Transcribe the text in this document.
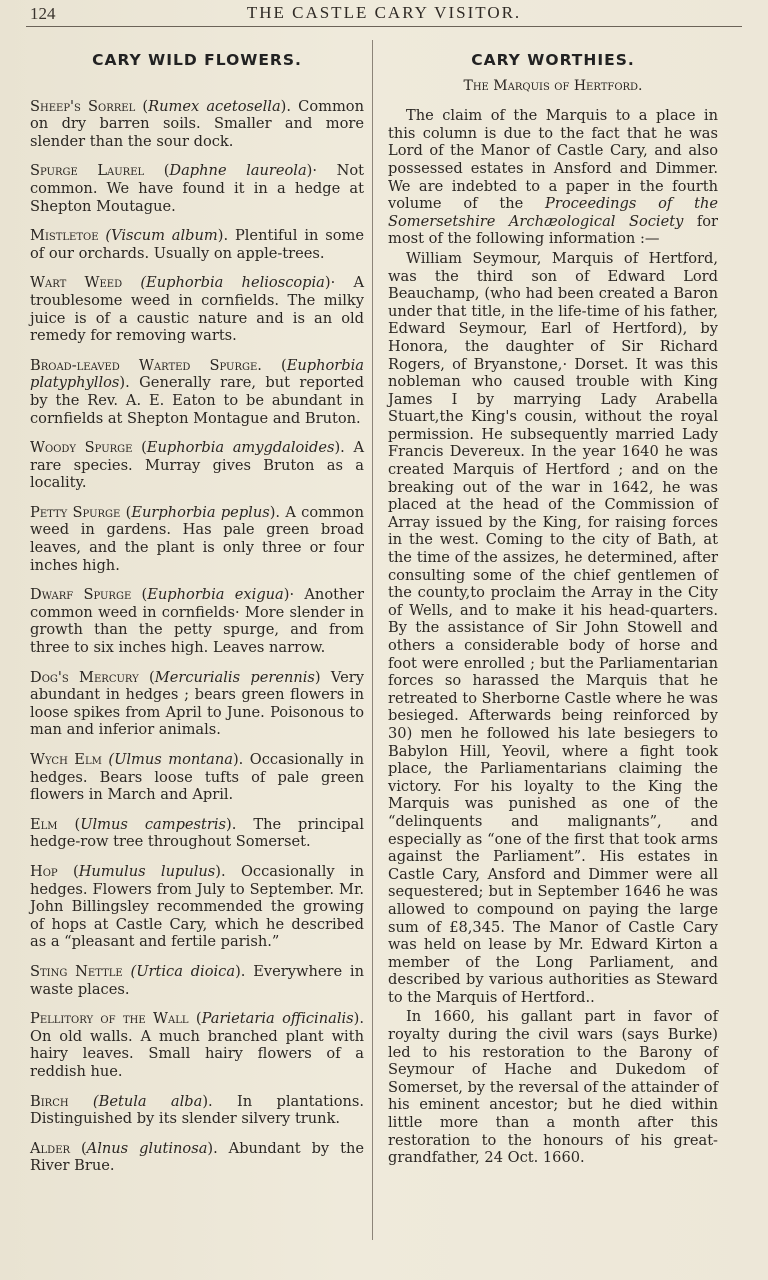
124	THE CASTLE CARY VISITOR.
CARY WILD FLOWERS.

Sheep's Sorrel (Rumex acetosella). Common on dry barren soils. Smaller and more slender than the sour dock.

Spurge Laurel (Daphne laureola)· Not common. We have found it in a hedge at Shepton Moutague.

Mistletoe (Viscum album). Plentiful in some of our orchards. Usually on apple-trees.

Wart Weed (Euphorbia helioscopia)· A troublesome weed in cornfields. The milky juice is of a caustic nature and is an old remedy for removing warts.

Broad-leaved Warted Spurge. (Euphorbia platyphyllos). Generally rare, but reported by the Rev. A. E. Eaton to be abundant in cornfields at Shepton Montague and Bruton.

Woody Spurge (Euphorbia amygdaloides). A rare species. Murray gives Bruton as a locality.

Petty Spurge (Eurphorbia peplus). A common weed in gardens. Has pale green broad leaves, and the plant is only three or four inches high.

Dwarf Spurge (Euphorbia exigua)· Another common weed in cornfields· More slender in growth than the petty spurge, and from three to six inches high. Leaves narrow.

Dog's Mercury (Mercurialis perennis) Very abundant in hedges ; bears green flowers in loose spikes from April to June. Poisonous to man and inferior animals.

Wych Elm (Ulmus montana). Occasionally in hedges. Bears loose tufts of pale green flowers in March and April.

Elm (Ulmus campestris). The principal hedge-row tree throughout Somerset.

Hop (Humulus lupulus). Occasionally in hedges. Flowers from July to September. Mr. John Billingsley recommended the growing of hops at Castle Cary, which he described as a “pleasant and fertile parish.”

Sting Nettle (Urtica dioica). Everywhere in waste places.

Pellitory of the Wall (Parietaria officinalis). On old walls. A much branched plant with hairy leaves. Small hairy flowers of a reddish hue.

Birch (Betula alba). In plantations. Distinguished by its slender silvery trunk.

Alder (Alnus glutinosa). Abundant by the River Brue.

CARY WORTHIES.
The Marquis of Hertford.

The claim of the Marquis to a place in this column is due to the fact that he was Lord of the Manor of Castle Cary, and also possessed estates in Ansford and Dimmer. We are indebted to a paper in the fourth volume of the Proceedings of the Somersetshire Archæological Society for most of the following information :—

William Seymour, Marquis of Hertford, was the third son of Edward Lord Beauchamp, (who had been created a Baron under that title, in the life-time of his father, Edward Seymour, Earl of Hertford), by Honora, the daughter of Sir Richard Rogers, of Bryanstone,· Dorset. It was this nobleman who caused trouble with King James I by marrying Lady Arabella Stuart,the King's cousin, without the royal permission. He subsequently married Lady Francis Devereux. In the year 1640 he was created Marquis of Hertford ; and on the breaking out of the war in 1642, he was placed at the head of the Commission of Array issued by the King, for raising forces in the west. Coming to the city of Bath, at the time of the assizes, he determined, after consulting some of the chief gentlemen of the county,to proclaim the Array in the City of Wells, and to make it his head-quarters. By the assistance of Sir John Stowell and others a considerable body of horse and foot were enrolled ; but the Parliamentarian forces so harassed the Marquis that he retreated to Sherborne Castle where he was besieged. Afterwards being reinforced by 30) men he followed his late besiegers to Babylon Hill, Yeovil, where a fight took place, the Parliamentarians claiming the victory. For his loyalty to the King the Marquis was punished as one of the “delinquents and malignants”, and especially as “one of the first that took arms against the Parliament”. His estates in Castle Cary, Ansford and Dimmer were all sequestered; but in September 1646 he was allowed to compound on paying the large sum of £8,345. The Manor of Castle Cary was held on lease by Mr. Edward Kirton a member of the Long Parliament, and described by various authorities as Steward to the Marquis of Hertford..

In 1660, his gallant part in favor of royalty during the civil wars (says Burke) led to his restoration to the Barony of Seymour of Hache and Dukedom of Somerset, by the reversal of the attainder of his eminent ancestor; but he died within little more than a month after this restoration to the honours of his great-grandfather, 24 Oct. 1660.
